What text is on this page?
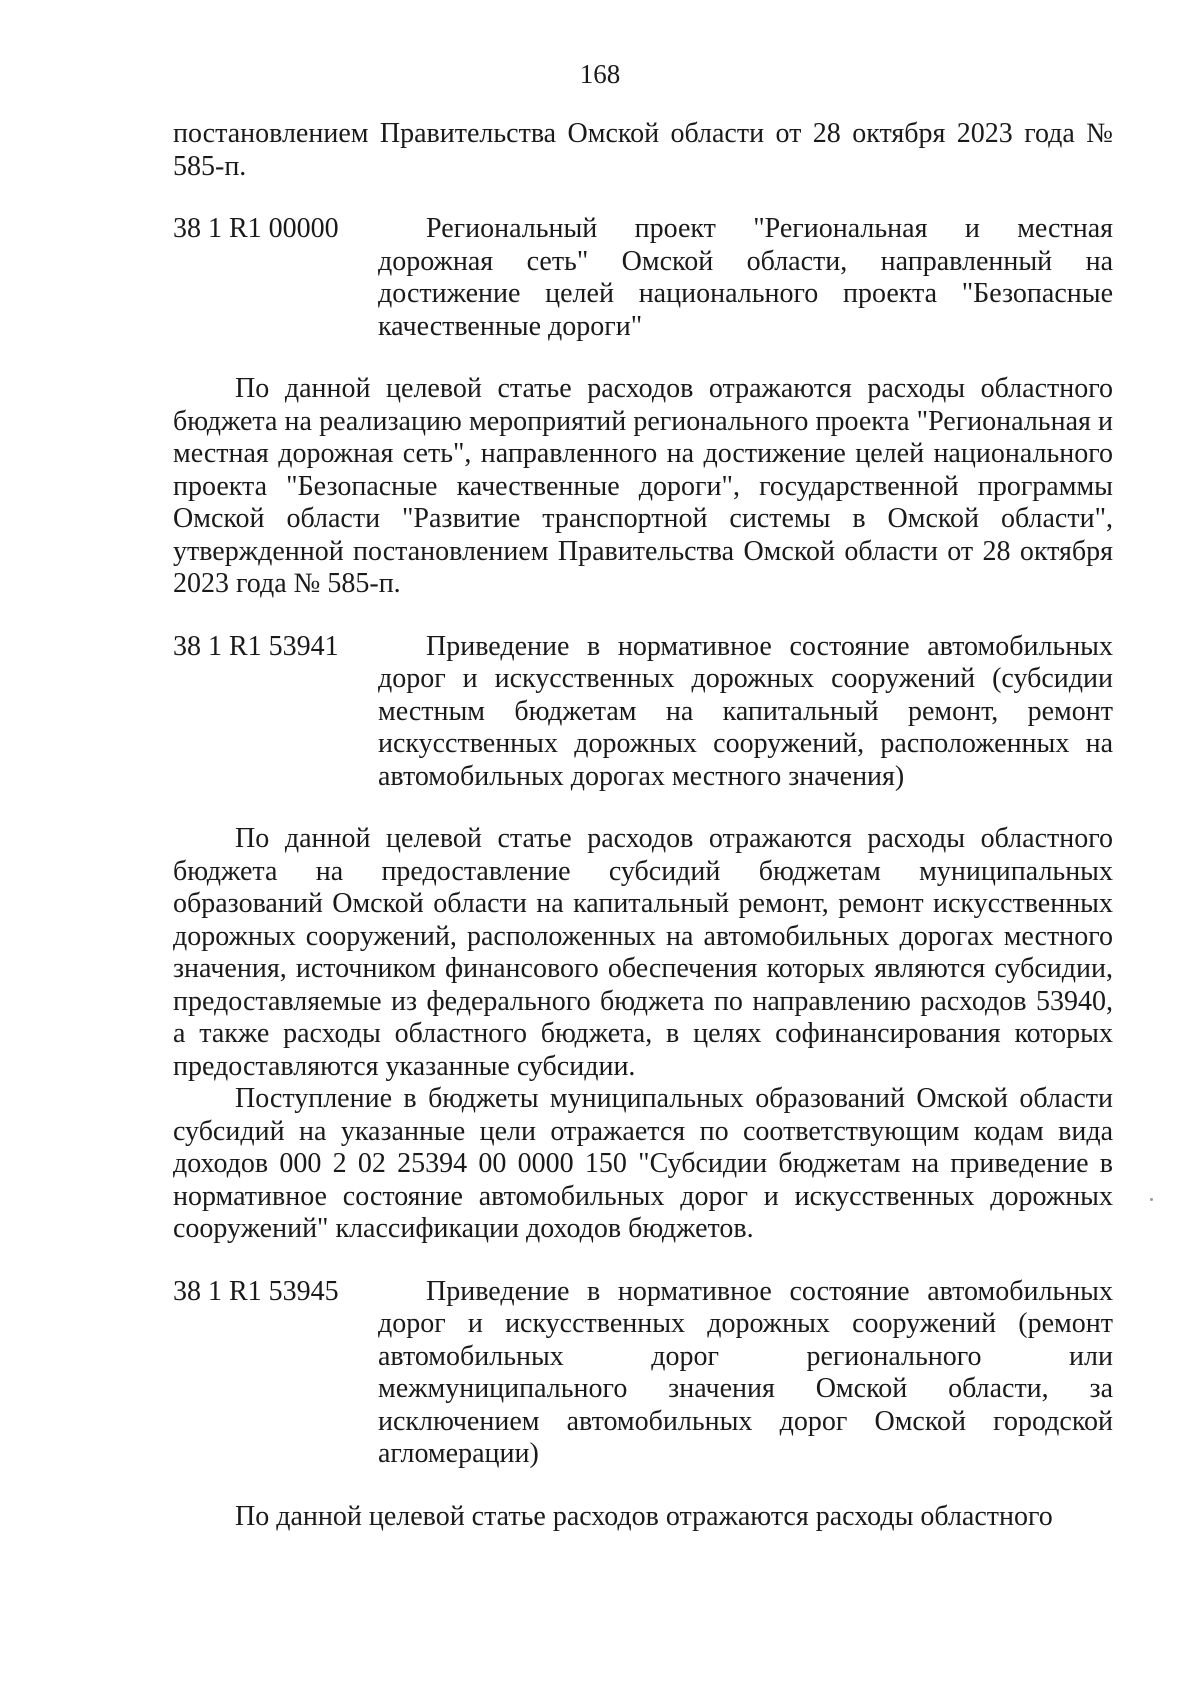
168

постановлением Правительства Омской области от 28 октября 2023 года № 585-п.

38 1 R1 00000	Региональный проект "Региональная и местная дорожная сеть" Омской области, направленный на достижение целей национального проекта "Безопасные качественные дороги"

По данной целевой статье расходов отражаются расходы областного бюджета на реализацию мероприятий регионального проекта "Региональная и местная дорожная сеть", направленного на достижение целей национального проекта "Безопасные качественные дороги", государственной программы Омской области "Развитие транспортной системы в Омской области", утвержденной постановлением Правительства Омской области от 28 октября 2023 года № 585-п.

38 1 R1 53941	Приведение в нормативное состояние автомобильных дорог и искусственных дорожных сооружений (субсидии местным бюджетам на капитальный ремонт, ремонт искусственных дорожных сооружений, расположенных на автомобильных дорогах местного значения)

По данной целевой статье расходов отражаются расходы областного бюджета на предоставление субсидий бюджетам муниципальных образований Омской области на капитальный ремонт, ремонт искусственных дорожных сооружений, расположенных на автомобильных дорогах местного значения, источником финансового обеспечения которых являются субсидии, предоставляемые из федерального бюджета по направлению расходов 53940, а также расходы областного бюджета, в целях софинансирования которых предоставляются указанные субсидии.

Поступление в бюджеты муниципальных образований Омской области субсидий на указанные цели отражается по соответствующим кодам вида доходов 000 2 02 25394 00 0000 150 "Субсидии бюджетам на приведение в нормативное состояние автомобильных дорог и искусственных дорожных сооружений" классификации доходов бюджетов.

38 1 R1 53945	Приведение в нормативное состояние автомобильных дорог и искусственных дорожных сооружений (ремонт автомобильных дорог регионального или межмуниципального значения Омской области, за исключением автомобильных дорог Омской городской агломерации)

По данной целевой статье расходов отражаются расходы областного
